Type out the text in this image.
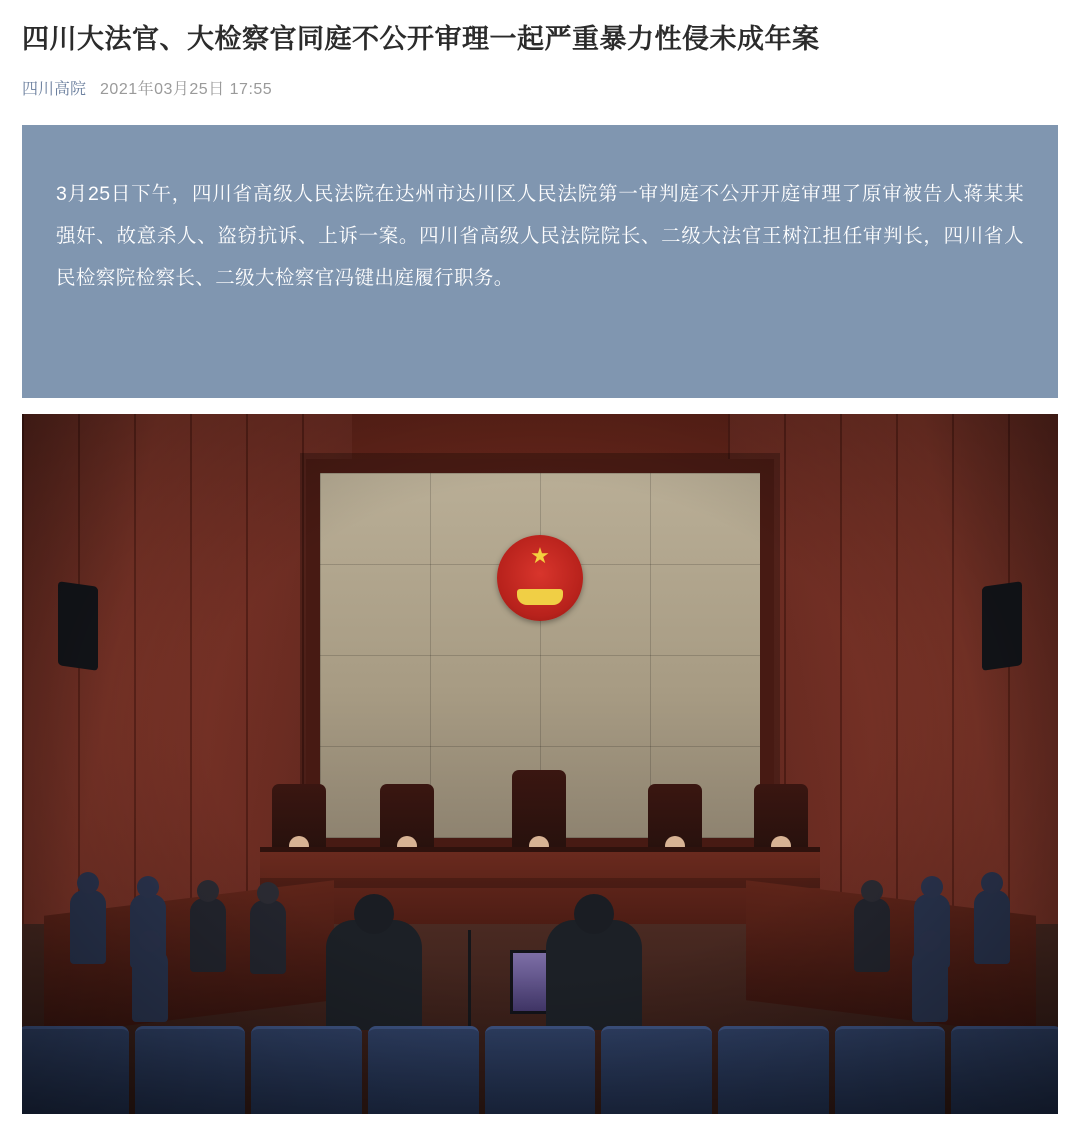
四川大法官、大检察官同庭不公开审理一起严重暴力性侵未成年案
四川高院 2021年03月25日 17:55

3月25日下午，四川省高级人民法院在达州市达川区人民法院第一审判庭不公开开庭审理了原审被告人蒋某某强奸、故意杀人、盗窃抗诉、上诉一案。四川省高级人民法院院长、二级大法官王树江担任审判长，四川省人民检察院检察长、二级大检察官冯键出庭履行职务。

★
